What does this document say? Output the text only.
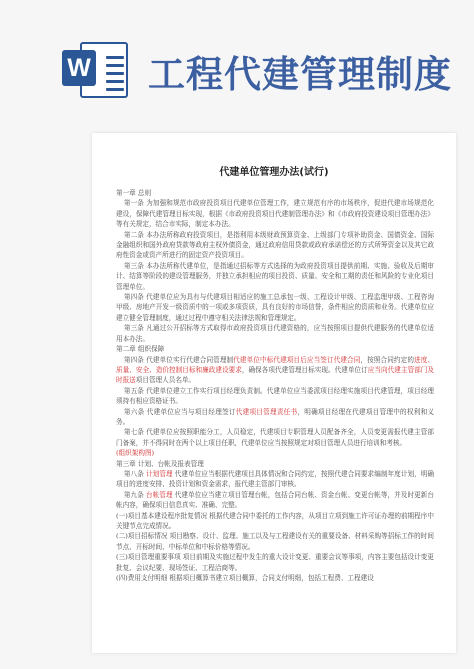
W 工程代建管理制度
代建单位管理办法(试行)

第一章 总则

第一条 为加强和规范市政府投资项目代建单位管理工作，建立规范有序的市场秩序，促进代建市场规范化建设，保障代建管理目标实现，根据《市政府投资项目代建制管理办法》和《市政府投资建设项目管理办法》等有关规定，结合市实际，制定本办法。

第二条 本办法所称政府投资项目，是指利用本级财政预算资金、上级部门专项补助资金、国债资金、国际金融组织和国外政府贷款等政府主权外债资金，通过政府信用贷款或政府承诺偿还的方式所筹资金以及其它政府性资金或资产所进行的固定资产投资项目。

第三条 本办法所称代建单位，是指通过招标等方式选择的为政府投资项目提供前期、实施、验收及后期审计、结算等阶段的建设管理服务，并独立承担相应的项目投资、质量、安全和工期的责任和风险的专业化项目管理单位。

第四条 代建单位应为具有与代建项目相适应的施工总承包一级、工程设计甲级、工程监理甲级、工程咨询甲级、房地产开发一级资质中的一项或多项资质，具有良好的市场信誉，条件相应的资质和业务。代建单位应建立健全管理制度，通过过程中遵守相关法律法规和管理规定。

第三条 凡通过公开招标等方式取得市政府投资项目代建资格的，应当按照项目提供代建服务的代建单位适用本办法。

第二章 组织保障

第四条 代建单位实行代建合同管理制代建单位中标代建项目后应当签订代建合同，按照合同约定的进度、质量、安全、造价控制目标和廉政建设要求，确保各项代建管理目标实现。代建单位订应当向代建主管部门及时报送项目管理人员名单。

第五条 代建单位建立工作实行项目经理负责制。代建单位应当委派项目经理实施项目代建管理，项目经理须持有相应资格证书。

第六条 代建单位应当与项目经理签订代建项目管理责任书，明确项目经理在代建项目管理中的权利和义务。

第七条 代建单位应按照职能分工，人员稳定，代建项目专职管理人员配备齐全，人员变更需报代建主管部门备案，并不得同时在两个以上项目任职，代建单位应当按照规定对项目管理人员进行培训和考核。

(组织架构图)

第三章 计划、台帐及报表管理

第八条 计划管理 代建单位应当根据代建项目具体情况和合同约定，按照代建合同要求编制年度计划，明确项目的进度安排、投资计划和资金需求，报代建主管部门审核。

第九条 台帐管理 代建单位应当建立项目管理台帐，包括合同台帐、资金台帐、变更台帐等，并及时更新台帐内容，确保项目信息真实、准确、完整。

(一)项目基本建设程序批复情况 根据代建合同中委托的工作内容，从项目立项到施工许可证办理的前期程序中关键节点完成情况。

(二)项目招标情况 项目勘察、设计、监理、施工以及与工程建设有关的重要设备、材料采购等招标工作的时间节点、开标时间、中标单位和中标价格等情况。

(三)项目管理重要事项 项目前期及实施过程中发生的重大设计变更、重要会议等事项，内容主要包括设计变更批复、会议纪要、现场签证、工程洽商等。

(四)费用支付明细 根据项目概算书建立项目概算，合同支付明细，包括工程费、工程建设
